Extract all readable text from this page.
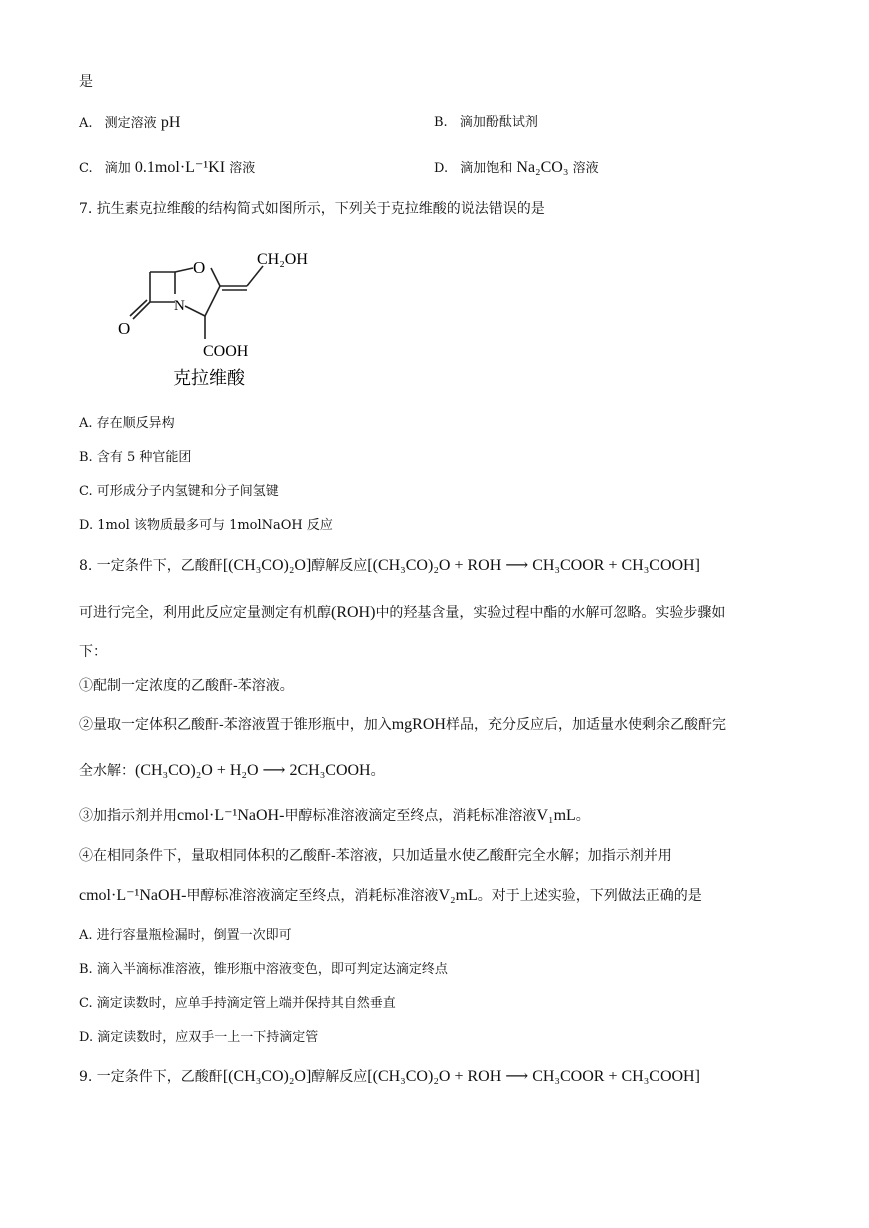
是
A. 测定溶液 pH	B. 滴加酚酞试剂
C. 滴加 0.1mol·L⁻¹KI 溶液	D. 滴加饱和 Na₂CO₃ 溶液
7. 抗生素克拉维酸的结构简式如图所示，下列关于克拉维酸的说法错误的是
O
N
O
CH₂OH
COOH
克拉维酸
A. 存在顺反异构
B. 含有 5 种官能团
C. 可形成分子内氢键和分子间氢键
D. 1mol 该物质最多可与 1molNaOH 反应
8. 一定条件下，乙酸酐[(CH₃CO)₂O]醇解反应[(CH₃CO)₂O + ROH ⟶ CH₃COOR + CH₃COOH]
可进行完全，利用此反应定量测定有机醇(ROH)中的羟基含量，实验过程中酯的水解可忽略。实验步骤如
下：
①配制一定浓度的乙酸酐-苯溶液。
②量取一定体积乙酸酐-苯溶液置于锥形瓶中，加入mgROH样品，充分反应后，加适量水使剩余乙酸酐完
全水解：(CH₃CO)₂O + H₂O ⟶ 2CH₃COOH。
③加指示剂并用cmol·L⁻¹NaOH-甲醇标准溶液滴定至终点，消耗标准溶液V₁mL。
④在相同条件下，量取相同体积的乙酸酐-苯溶液，只加适量水使乙酸酐完全水解；加指示剂并用
cmol·L⁻¹NaOH-甲醇标准溶液滴定至终点，消耗标准溶液V₂mL。对于上述实验，下列做法正确的是
A. 进行容量瓶检漏时，倒置一次即可
B. 滴入半滴标准溶液，锥形瓶中溶液变色，即可判定达滴定终点
C. 滴定读数时，应单手持滴定管上端并保持其自然垂直
D. 滴定读数时，应双手一上一下持滴定管
9. 一定条件下，乙酸酐[(CH₃CO)₂O]醇解反应[(CH₃CO)₂O + ROH ⟶ CH₃COOR + CH₃COOH]
